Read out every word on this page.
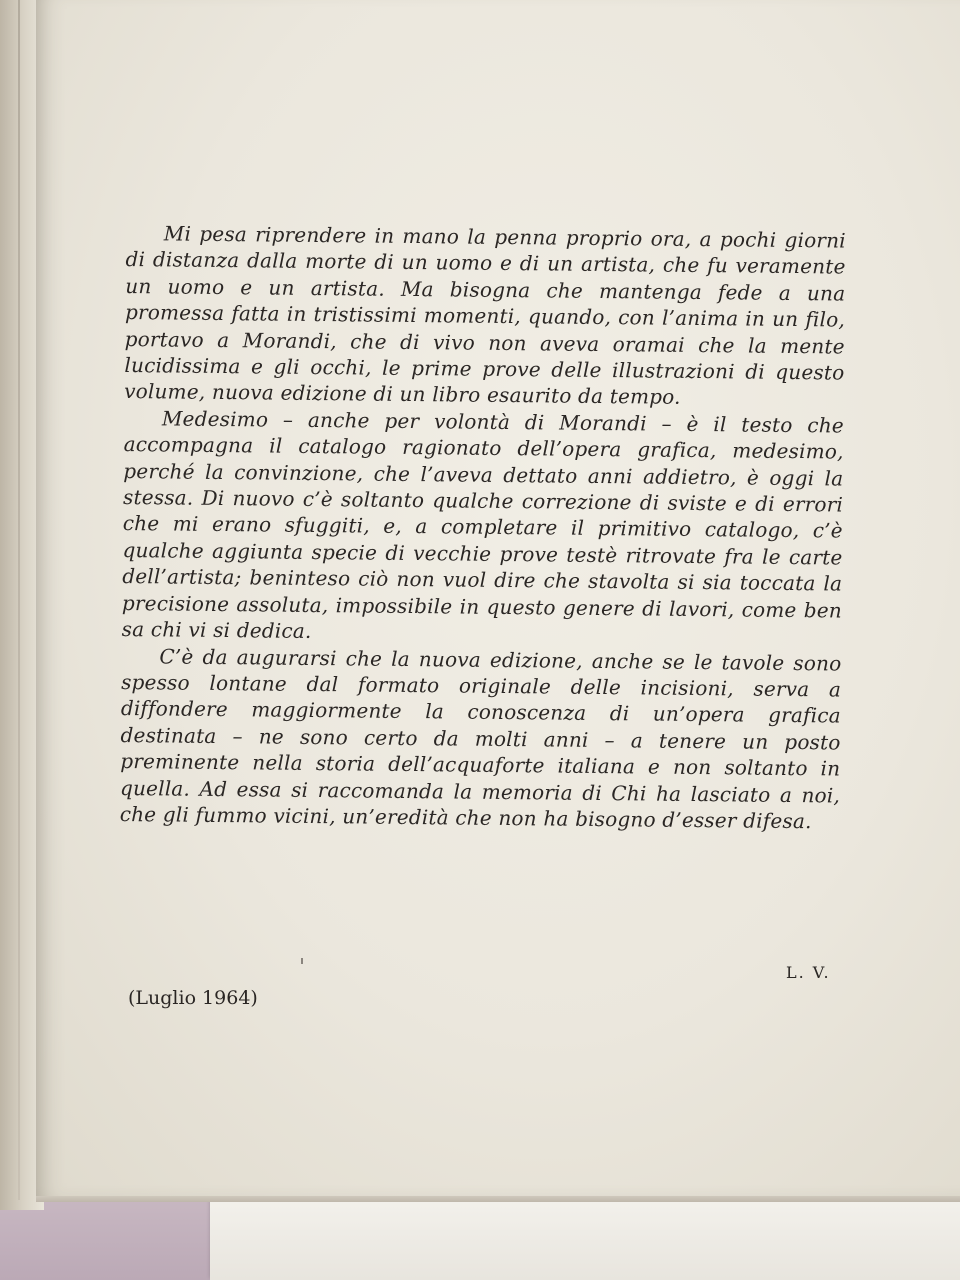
Mi pesa riprendere in mano la penna proprio ora, a pochi giorni di distanza dalla morte di un uomo e di un artista, che fu veramente un uomo e un artista. Ma bisogna che mantenga fede a una promessa fatta in tristissimi momenti, quando, con l’anima in un filo, portavo a Morandi, che di vivo non aveva oramai che la mente lucidissima e gli occhi, le prime prove delle illustrazioni di questo volume, nuova edizione di un libro esaurito da tempo.

Medesimo – anche per volontà di Morandi – è il testo che accompagna il catalogo ragionato dell’opera grafica, medesimo, perché la convinzione, che l’aveva dettato anni addietro, è oggi la stessa. Di nuovo c’è soltanto qualche correzione di sviste e di errori che mi erano sfuggiti, e, a completare il primitivo catalogo, c’è qualche aggiunta specie di vecchie prove testè ritrovate fra le carte dell’artista; beninteso ciò non vuol dire che stavolta si sia toccata la precisione assoluta, impossibile in questo genere di lavori, come ben sa chi vi si dedica.

C’è da augurarsi che la nuova edizione, anche se le tavole sono spesso lontane dal formato originale delle incisioni, serva a diffondere maggiormente la conoscenza di un’opera grafica destinata – ne sono certo da molti anni – a tenere un posto preminente nella storia dell’acquaforte italiana e non soltanto in quella. Ad essa si raccomanda la memoria di Chi ha lasciato a noi, che gli fummo vicini, un’eredità che non ha bisogno d’esser difesa.

L. V.
(Luglio 1964)
